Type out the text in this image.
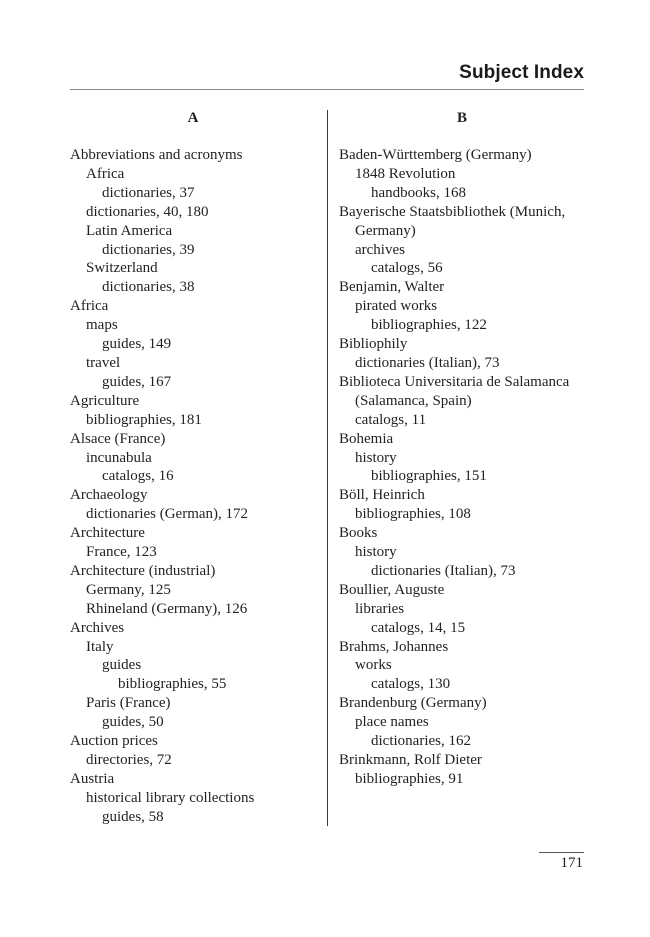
Subject Index
A
Abbreviations and acronyms
Africa
dictionaries, 37
dictionaries, 40, 180
Latin America
dictionaries, 39
Switzerland
dictionaries, 38
Africa
maps
guides, 149
travel
guides, 167
Agriculture
bibliographies, 181
Alsace (France)
incunabula
catalogs, 16
Archaeology
dictionaries (German), 172
Architecture
France, 123
Architecture (industrial)
Germany, 125
Rhineland (Germany), 126
Archives
Italy
guides
bibliographies, 55
Paris (France)
guides, 50
Auction prices
directories, 72
Austria
historical library collections
guides, 58
B
Baden-Württemberg (Germany)
1848 Revolution
handbooks, 168
Bayerische Staatsbibliothek (Munich,
Germany)
archives
catalogs, 56
Benjamin, Walter
pirated works
bibliographies, 122
Bibliophily
dictionaries (Italian), 73
Biblioteca Universitaria de Salamanca
(Salamanca, Spain)
catalogs, 11
Bohemia
history
bibliographies, 151
Böll, Heinrich
bibliographies, 108
Books
history
dictionaries (Italian), 73
Boullier, Auguste
libraries
catalogs, 14, 15
Brahms, Johannes
works
catalogs, 130
Brandenburg (Germany)
place names
dictionaries, 162
Brinkmann, Rolf Dieter
bibliographies, 91
171
